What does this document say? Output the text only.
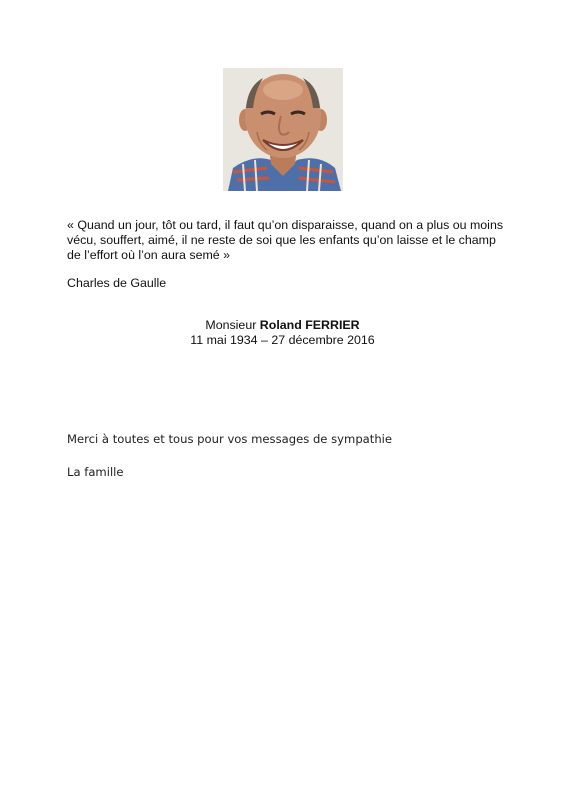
« Quand un jour, tôt ou tard, il faut qu’on disparaisse, quand on a plus ou moins vécu, souffert, aimé, il ne reste de soi que les enfants qu’on laisse et le champ de l’effort où l’on aura semé »

Charles de Gaulle

Monsieur Roland FERRIER
11 mai 1934 – 27 décembre 2016

Merci à toutes et tous pour vos messages de sympathie

La famille
